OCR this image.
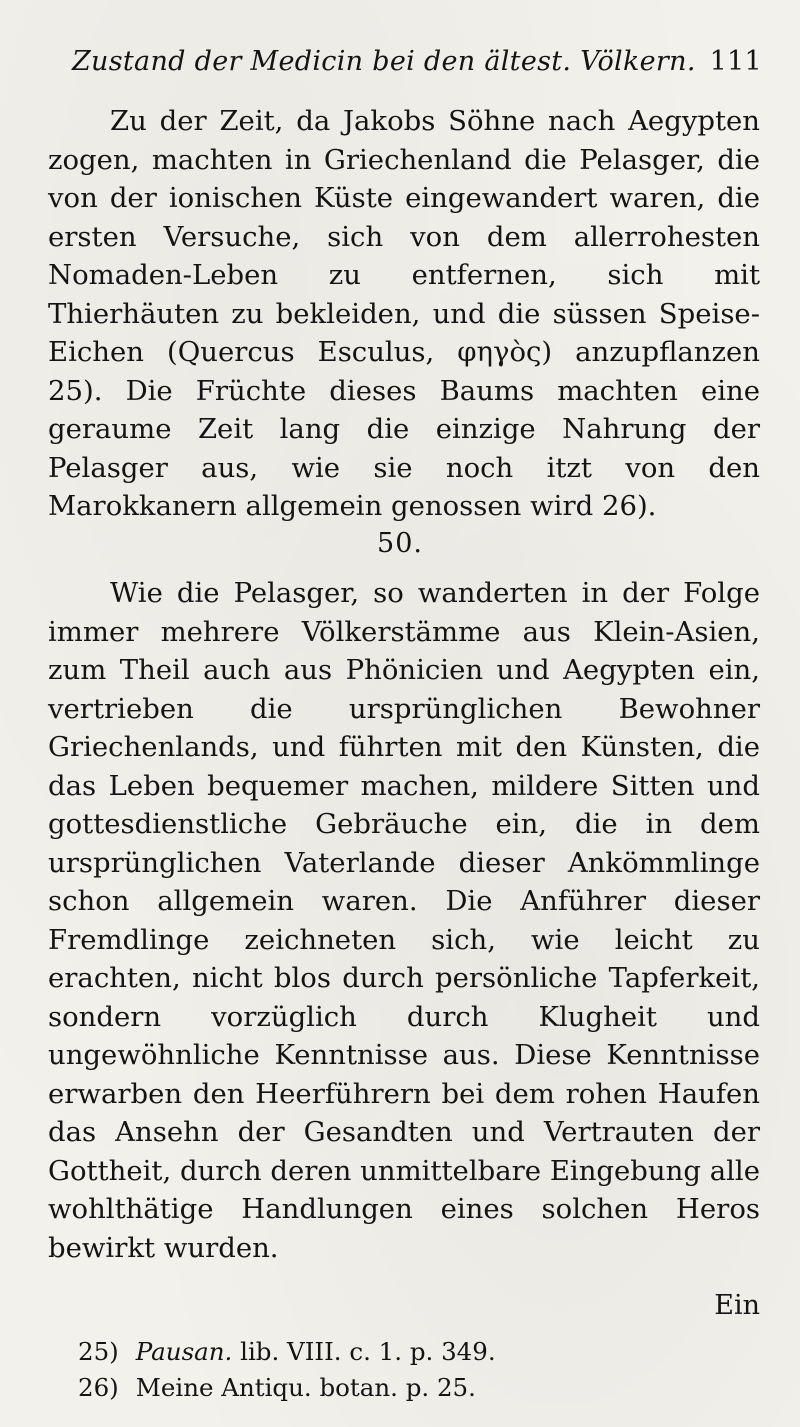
Zustand der Medicin bei den ältest. Völkern. 111

Zu der Zeit, da Jakobs Söhne nach Aegypten zogen, machten in Griechenland die Pelasger, die von der ionischen Küste eingewandert waren, die ersten Versuche, sich von dem allerrohesten Nomaden-Leben zu entfernen, sich mit Thierhäuten zu bekleiden, und die süssen Speise-Eichen (Quercus Esculus, φηγὸς) anzupflanzen 25). Die Früchte dieses Baums machten eine geraume Zeit lang die einzige Nahrung der Pelasger aus, wie sie noch itzt von den Marokkanern allgemein genossen wird 26).

50.

Wie die Pelasger, so wanderten in der Folge immer mehrere Völkerstämme aus Klein-Asien, zum Theil auch aus Phönicien und Aegypten ein, vertrieben die ursprünglichen Bewohner Griechenlands, und führten mit den Künsten, die das Leben bequemer machen, mildere Sitten und gottesdienstliche Gebräuche ein, die in dem ursprünglichen Vaterlande dieser Ankömmlinge schon allgemein waren. Die Anführer dieser Fremdlinge zeichneten sich, wie leicht zu erachten, nicht blos durch persönliche Tapferkeit, sondern vorzüglich durch Klugheit und ungewöhnliche Kenntnisse aus. Diese Kenntnisse erwarben den Heerführern bei dem rohen Haufen das Ansehn der Gesandten und Vertrauten der Gottheit, durch deren unmittelbare Eingebung alle wohlthätige Handlungen eines solchen Heros bewirkt wurden.

Ein
25) Pausan. lib. VIII. c. 1. p. 349.
26) Meine Antiqu. botan. p. 25.
